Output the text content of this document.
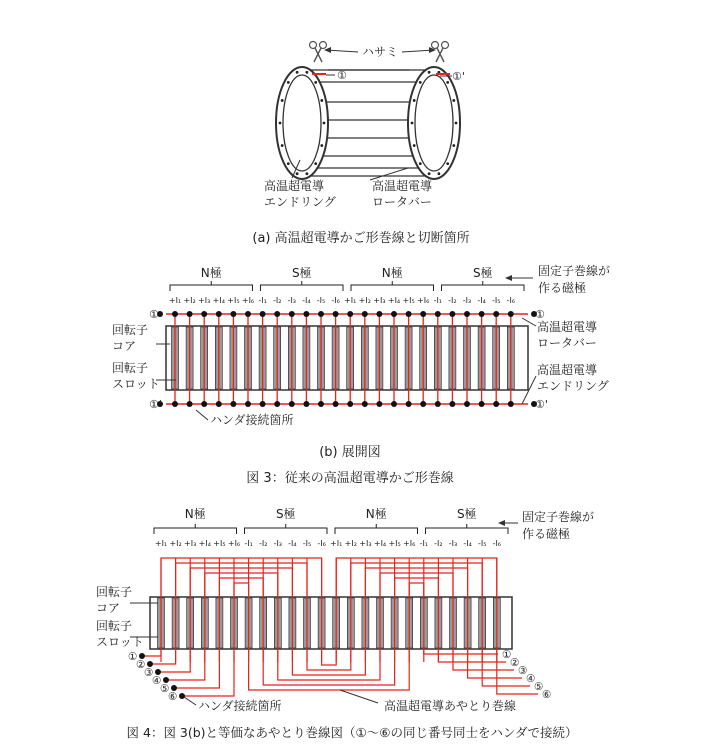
ハサミ
①	①'
高温超電導
エンドリング
高温超電導
ロータバー
(a) 高温超電導かご形巻線と切断箇所
N極	S極	N極	S極
+I₁ +I₂ +I₃ +I₄ +I₅ +I₆ -I₁ -I₂ -I₃ -I₄ -I₅ -I₆ +I₁ +I₂ +I₃ +I₄ +I₅ +I₆ -I₁ -I₂ -I₃ -I₄ -I₅ -I₆
①
①'
①
①'
回転子
コア
回転子
スロット
固定子巻線が
作る磁極
高温超電導
ロータバー
高温超電導
エンドリング
ハンダ接続箇所
(b) 展開図
図 3：従来の高温超電導かご形巻線
N極	S極	N極	S極
+I₁ +I₂ +I₃ +I₄ +I₅ +I₆ -I₁ -I₂ -I₃ -I₄ -I₅ -I₆ +I₁ +I₂ +I₃ +I₄ +I₅ +I₆ -I₁ -I₂ -I₃ -I₄ -I₅ -I₆
①
②
③
④
⑤
⑥
①
②
③
④
⑤
⑥
固定子巻線が
作る磁極
回転子
コア
回転子
スロット
ハンダ接続箇所	高温超電導あやとり巻線
図 4：図 3(b)と等価なあやとり巻線図（①～⑥の同じ番号同士をハンダで接続）
